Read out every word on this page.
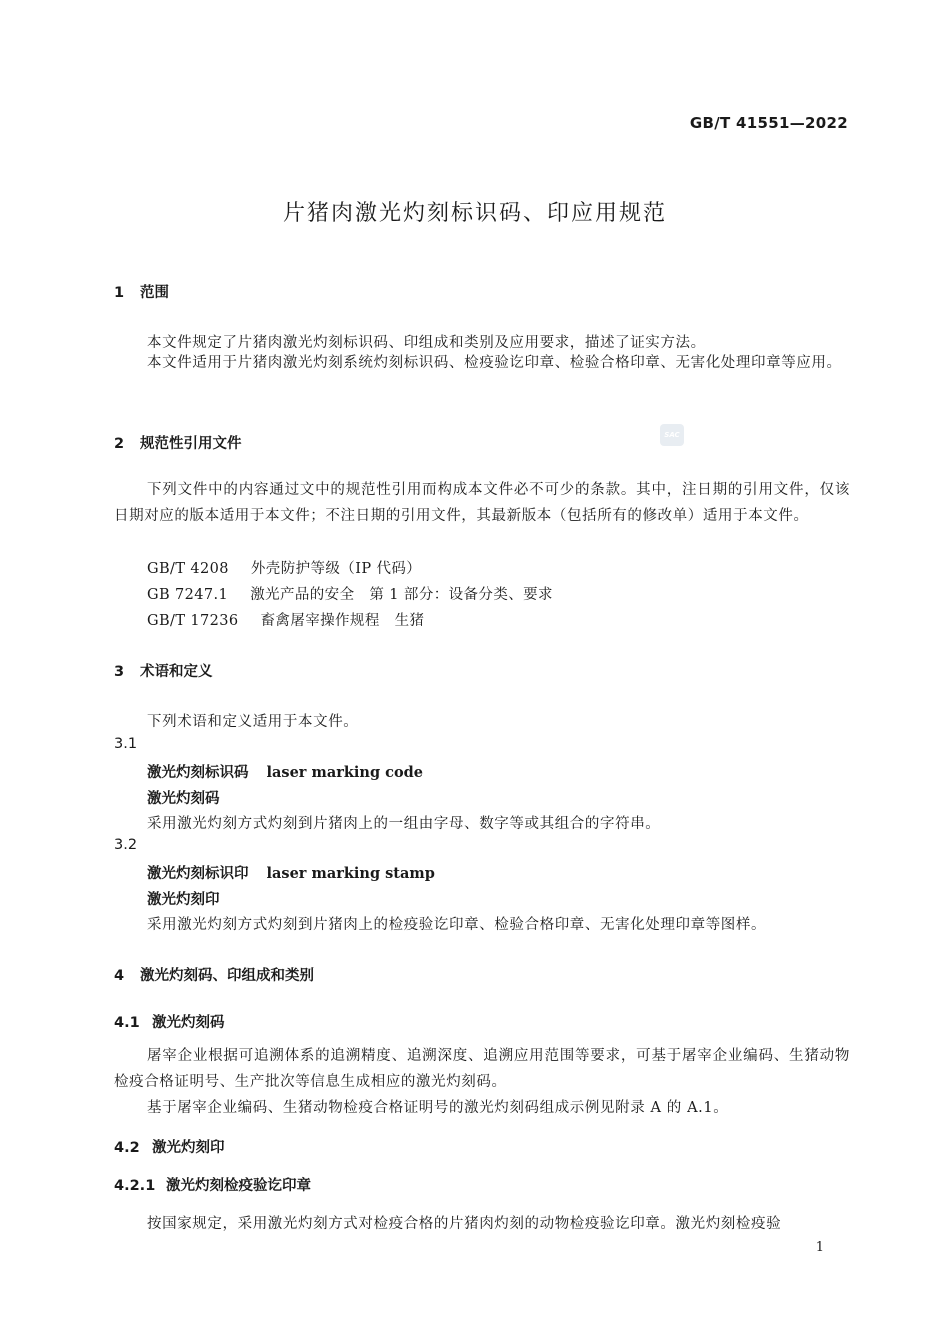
GB/T 41551—2022
片猪肉激光灼刻标识码、印应用规范
SAC
1 范围
本文件规定了片猪肉激光灼刻标识码、印组成和类别及应用要求，描述了证实方法。
本文件适用于片猪肉激光灼刻系统灼刻标识码、检疫验讫印章、检验合格印章、无害化处理印章等应用。
2 规范性引用文件
下列文件中的内容通过文中的规范性引用而构成本文件必不可少的条款。其中，注日期的引用文件，仅该日期对应的版本适用于本文件；不注日期的引用文件，其最新版本（包括所有的修改单）适用于本文件。
GB/T 4208 外壳防护等级（IP 代码）
GB 7247.1 激光产品的安全　第 1 部分：设备分类、要求
GB/T 17236 畜禽屠宰操作规程　生猪
3 术语和定义
下列术语和定义适用于本文件。
3.1
激光灼刻标识码 laser marking code
激光灼刻码
采用激光灼刻方式灼刻到片猪肉上的一组由字母、数字等或其组合的字符串。
3.2
激光灼刻标识印 laser marking stamp
激光灼刻印
采用激光灼刻方式灼刻到片猪肉上的检疫验讫印章、检验合格印章、无害化处理印章等图样。
4 激光灼刻码、印组成和类别
4.1 激光灼刻码
屠宰企业根据可追溯体系的追溯精度、追溯深度、追溯应用范围等要求，可基于屠宰企业编码、生猪动物检疫合格证明号、生产批次等信息生成相应的激光灼刻码。
基于屠宰企业编码、生猪动物检疫合格证明号的激光灼刻码组成示例见附录 A 的 A.1。
4.2 激光灼刻印
4.2.1 激光灼刻检疫验讫印章
按国家规定，采用激光灼刻方式对检疫合格的片猪肉灼刻的动物检疫验讫印章。激光灼刻检疫验
1
